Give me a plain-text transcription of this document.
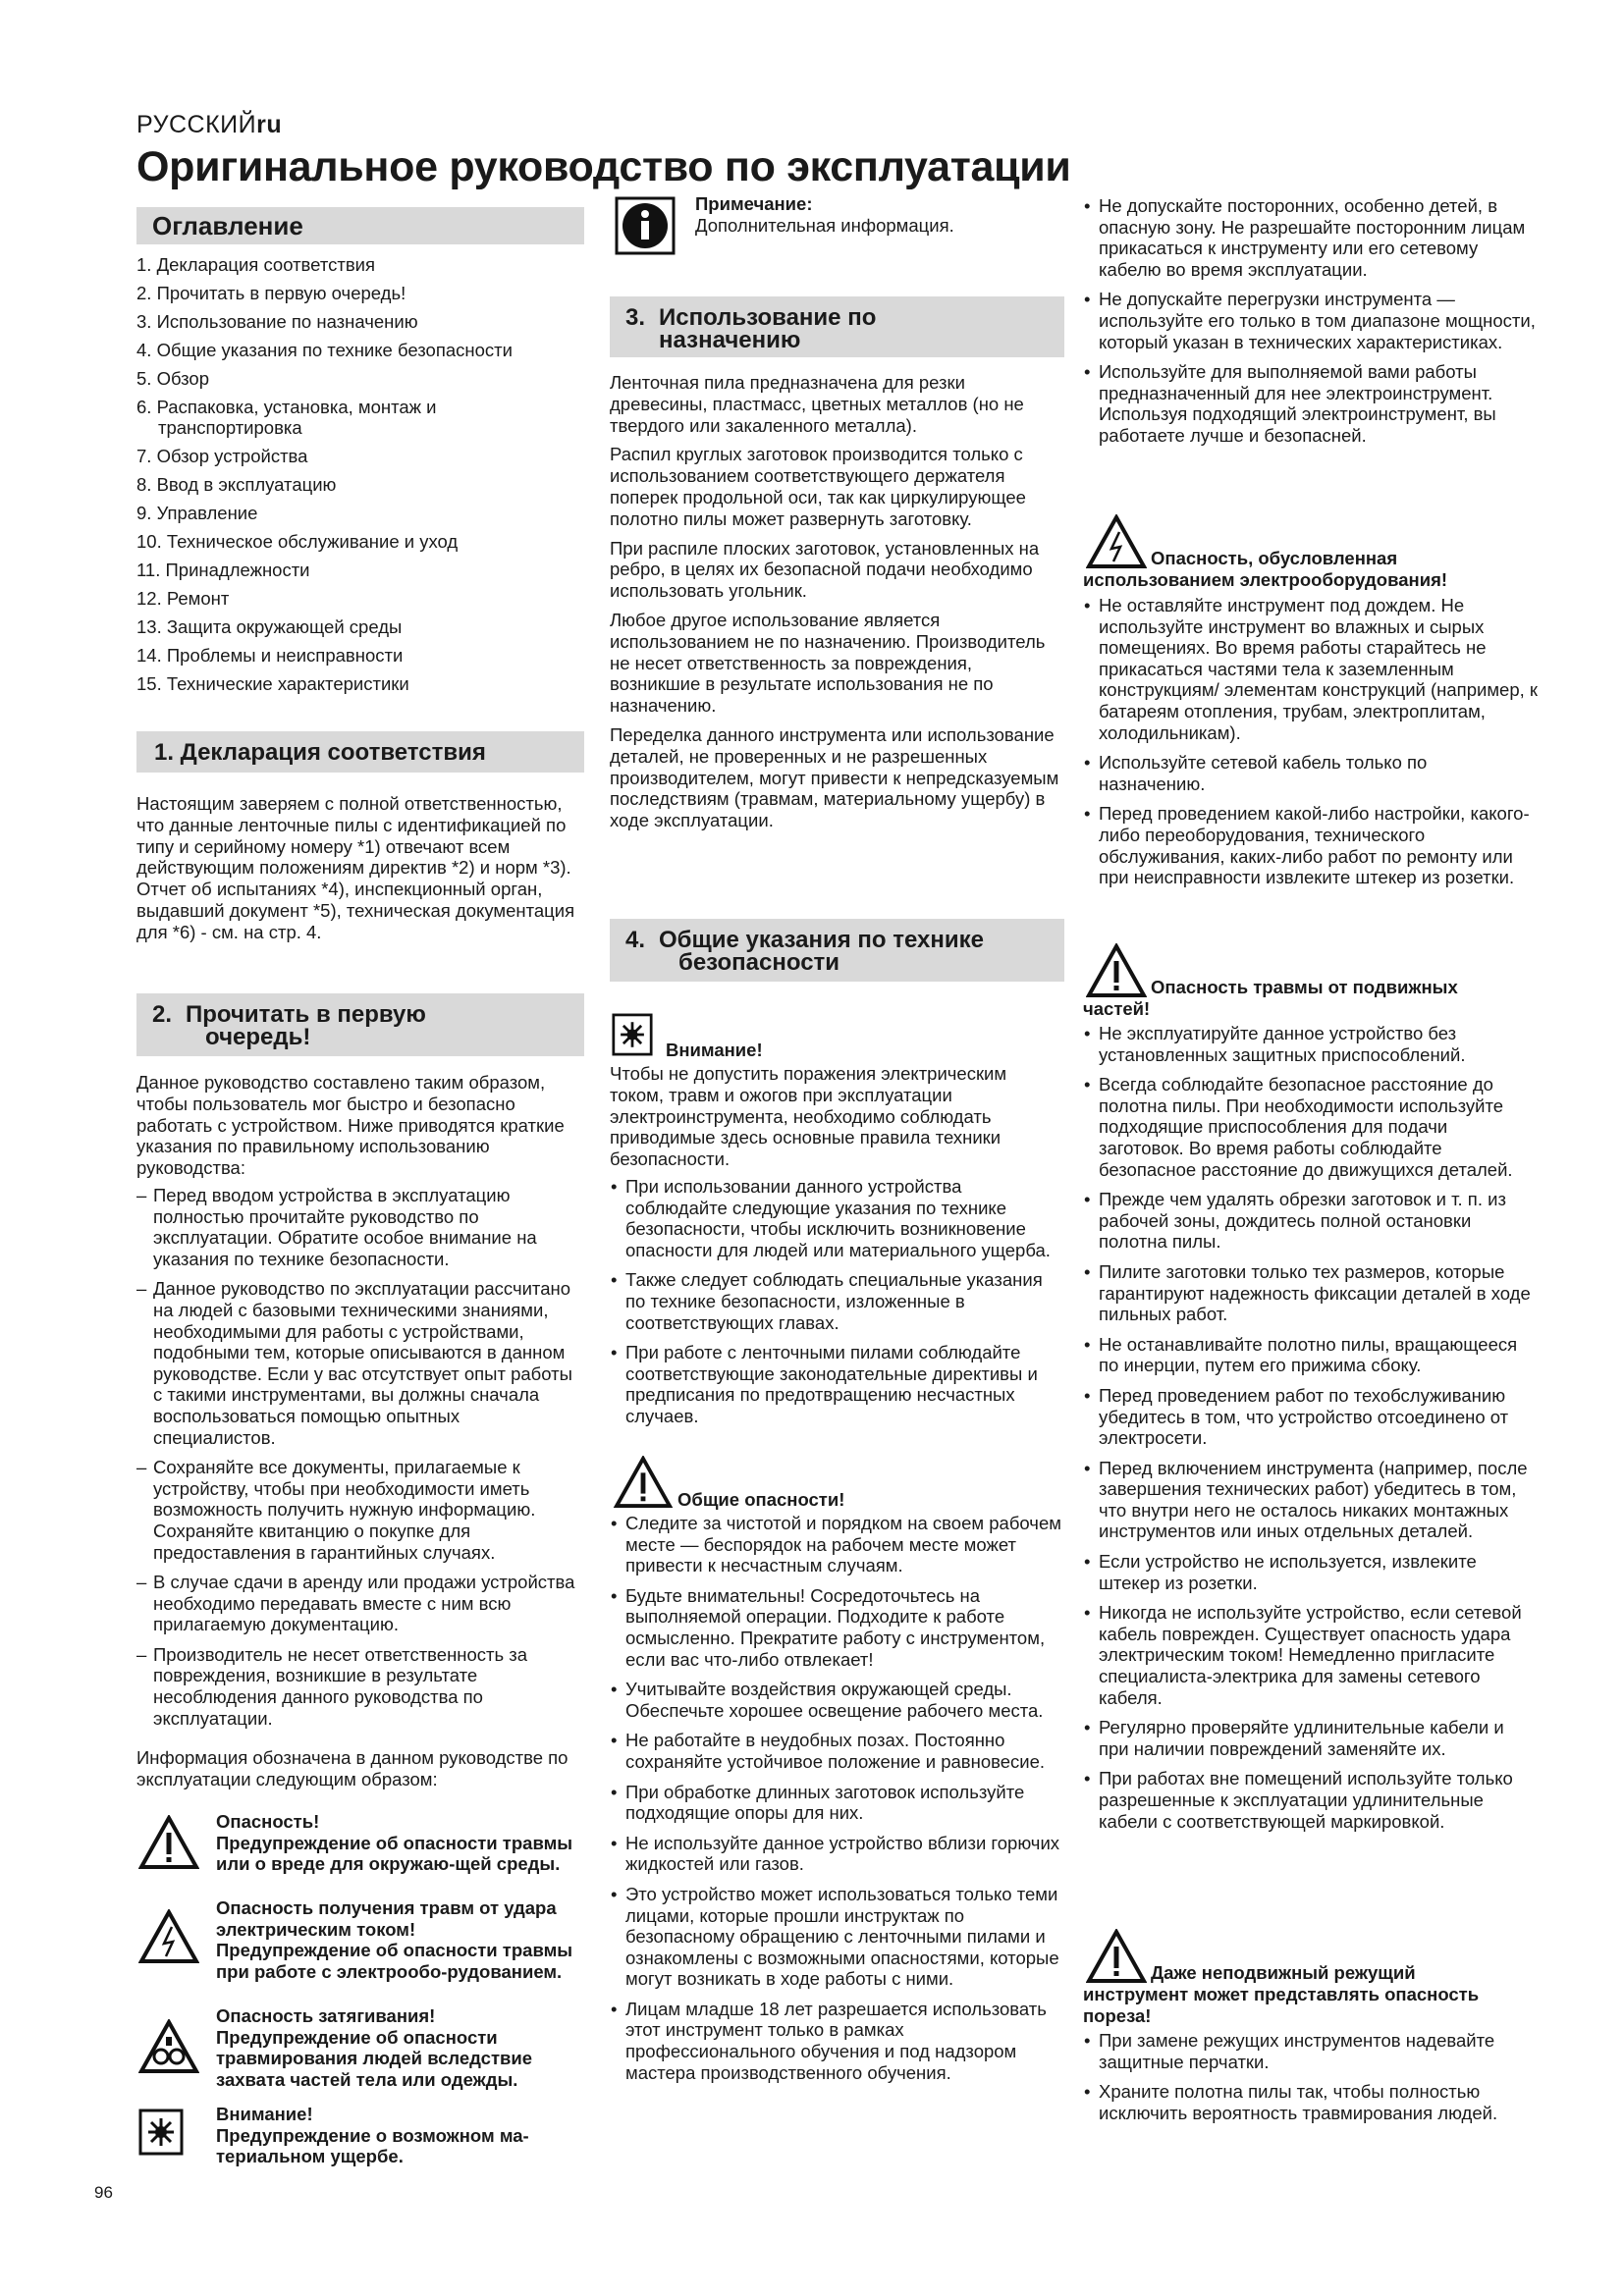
РУССКИЙru
Оригинальное руководство по эксплуатации
Оглавление
1. Декларация соответствия
2. Прочитать в первую очередь!
3. Использование по назначению
4. Общие указания по технике безопасности
5. Обзор
6. Распаковка, установка, монтаж и
транспортировка
7. Обзор устройства
8. Ввод в эксплуатацию
9. Управление
10. Техническое обслуживание и уход
11. Принадлежности
12. Ремонт
13. Защита окружающей среды
14. Проблемы и неисправности
15. Технические характеристики
1. Декларация соответствия

Настоящим заверяем с полной ответственностью, что данные ленточные пилы с идентификацией по типу и серийному номеру *1) отвечают всем действующим положениям директив *2) и норм *3). Отчет об испытаниях *4), инспекционный орган, выдавший документ *5), техническая документация для *6) - см. на стр. 4.

2. Прочитать в первую
очередь!

Данное руководство составлено таким образом, чтобы пользователь мог быстро и безопасно работать с устройством. Ниже приводятся краткие указания по правильному использованию руководства:

– Перед вводом устройства в эксплуатацию полностью прочитайте руководство по эксплуатации. Обратите особое внимание на указания по технике безопасности.
– Данное руководство по эксплуатации рассчитано на людей с базовыми техническими знаниями, необходимыми для работы с устройствами, подобными тем, которые описываются в данном руководстве. Если у вас отсутствует опыт работы с такими инструментами, вы должны сначала воспользоваться помощью опытных специалистов.
– Сохраняйте все документы, прилагаемые к устройству, чтобы при необходимости иметь возможность получить нужную информацию. Сохраняйте квитанцию о покупке для предоставления в гарантийных случаях.
– В случае сдачи в аренду или продажи устройства необходимо передавать вместе с ним всю прилагаемую документацию.
– Производитель не несет ответственность за повреждения, возникшие в результате несоблюдения данного руководства по эксплуатации.

Информация обозначена в данном руководстве по эксплуатации следующим образом:

Опасность!
Предупреждение об опасности травмы или о вреде для окружаю-щей среды.
Опасность получения травм от удара электрическим током!
Предупреждение об опасности травмы при работе с электрообо-рудованием.
Опасность затягивания!
Предупреждение об опасности травмирования людей вследствие захвата частей тела или одежды.
Внимание!
Предупреждение о возможном ма-териальном ущербе.
Примечание:
Дополнительная информация.
3. Использование по
назначению
Ленточная пила предназначена для резки древесины, пластмасс, цветных металлов (но не твердого или закаленного металла).
Распил круглых заготовок производится только с использованием соответствующего держателя поперек продольной оси, так как циркулирующее полотно пилы может развернуть заготовку.
При распиле плоских заготовок, установленных на ребро, в целях их безопасной подачи необходимо использовать угольник.
Любое другое использование является использованием не по назначению. Производитель не несет ответственность за повреждения, возникшие в результате использования не по назначению.
Переделка данного инструмента или использование деталей, не проверенных и не разрешенных производителем, могут привести к непредсказуемым последствиям (травмам, материальному ущербу) в ходе эксплуатации.
4. Общие указания по технике
безопасности
Внимание!

Чтобы не допустить поражения электрическим током, травм и ожогов при эксплуатации электроинструмента, необходимо соблюдать приводимые здесь основные правила техники безопасности.

• При использовании данного устройства соблюдайте следующие указания по технике безопасности, чтобы исключить возникновение опасности для людей или материального ущерба.
• Также следует соблюдать специальные указания по технике безопасности, изложенные в соответствующих главах.
• При работе с ленточными пилами соблюдайте соответствующие законодательные директивы и предписания по предотвращению несчастных случаев.
Общие опасности!
• Следите за чистотой и порядком на своем рабочем месте — беспорядок на рабочем месте может привести к несчастным случаям.
• Будьте внимательны! Сосредоточьтесь на выполняемой операции. Подходите к работе осмысленно. Прекратите работу с инструментом, если вас что-либо отвлекает!
• Учитывайте воздействия окружающей среды. Обеспечьте хорошее освещение рабочего места.
• Не работайте в неудобных позах. Постоянно сохраняйте устойчивое положение и равновесие.
• При обработке длинных заготовок используйте подходящие опоры для них.
• Не используйте данное устройство вблизи горючих жидкостей или газов.
• Это устройство может использоваться только теми лицами, которые прошли инструктаж по безопасному обращению с ленточными пилами и ознакомлены с возможными опасностями, которые могут возникать в ходе работы с ними.
• Лицам младше 18 лет разрешается использовать этот инструмент только в рамках профессионального обучения и под надзором мастера производственного обучения.
• Не допускайте посторонних, особенно детей, в опасную зону. Не разрешайте посторонним лицам прикасаться к инструменту или его сетевому кабелю во время эксплуатации.
• Не допускайте перегрузки инструмента — используйте его только в том диапазоне мощности, который указан в технических характеристиках.
• Используйте для выполняемой вами работы предназначенный для нее электроинструмент. Используя подходящий электроинструмент, вы работаете лучше и безопасней.
Опасность, обусловленная
использованием электрооборудования!
• Не оставляйте инструмент под дождем. Не используйте инструмент во влажных и сырых помещениях. Во время работы старайтесь не прикасаться частями тела к заземленным конструкциям/ элементам конструкций (например, к батареям отопления, трубам, электроплитам, холодильникам).
• Используйте сетевой кабель только по назначению.
• Перед проведением какой-либо настройки, какого-либо переоборудования, технического обслуживания, каких-либо работ по ремонту или при неисправности извлеките штекер из розетки.
Опасность травмы от подвижных
частей!
• Не эксплуатируйте данное устройство без установленных защитных приспособлений.
• Всегда соблюдайте безопасное расстояние до полотна пилы. При необходимости используйте подходящие приспособления для подачи заготовок. Во время работы соблюдайте безопасное расстояние до движущихся деталей.
• Прежде чем удалять обрезки заготовок и т. п. из рабочей зоны, дождитесь полной остановки полотна пилы.
• Пилите заготовки только тех размеров, которые гарантируют надежность фиксации деталей в ходе пильных работ.
• Не останавливайте полотно пилы, вращающееся по инерции, путем его прижима сбоку.
• Перед проведением работ по техобслуживанию убедитесь в том, что устройство отсоединено от электросети.
• Перед включением инструмента (например, после завершения технических работ) убедитесь в том, что внутри него не осталось никаких монтажных инструментов или иных отдельных деталей.
• Если устройство не используется, извлеките штекер из розетки.
• Никогда не используйте устройство, если сетевой кабель поврежден. Существует опасность удара электрическим током! Немедленно пригласите специалиста-электрика для замены сетевого кабеля.
• Регулярно проверяйте удлинительные кабели и при наличии повреждений заменяйте их.
• При работах вне помещений используйте только разрешенные к эксплуатации удлинительные кабели с соответствующей маркировкой.
Даже неподвижный режущий
инструмент может представлять опасность пореза!
• При замене режущих инструментов надевайте защитные перчатки.
• Храните полотна пилы так, чтобы полностью исключить вероятность травмирования людей.
96
